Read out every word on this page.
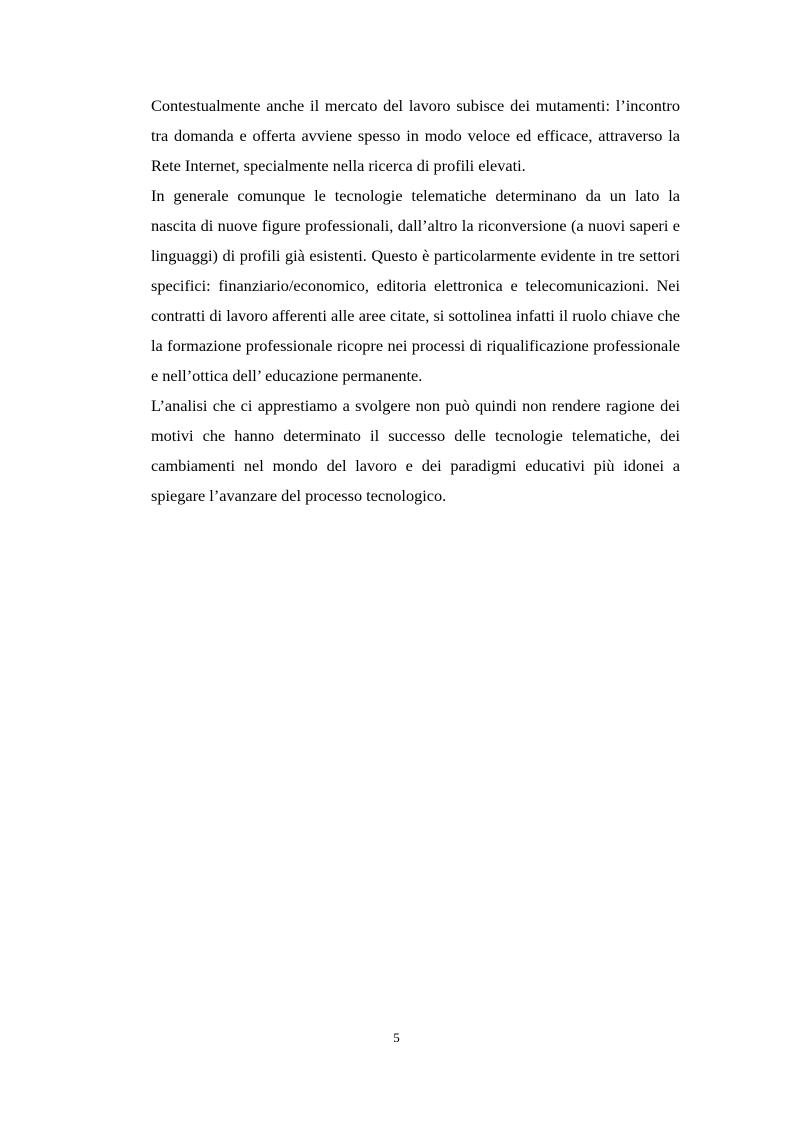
Contestualmente anche il mercato del lavoro subisce dei mutamenti: l’incontro tra domanda e offerta avviene spesso in modo veloce ed efficace, attraverso la Rete Internet, specialmente nella ricerca di profili elevati.

In generale comunque le tecnologie telematiche determinano da un lato la nascita di nuove figure professionali, dall’altro la riconversione (a nuovi saperi e linguaggi) di profili già esistenti. Questo è particolarmente evidente in tre settori specifici: finanziario/economico, editoria elettronica e telecomunicazioni. Nei contratti di lavoro afferenti alle aree citate, si sottolinea infatti il ruolo chiave che la formazione professionale ricopre nei processi di riqualificazione professionale e nell’ottica dell’ educazione permanente.

L’analisi che ci apprestiamo a svolgere non può quindi non rendere ragione dei motivi che hanno determinato il successo delle tecnologie telematiche, dei cambiamenti nel mondo del lavoro e dei paradigmi educativi più idonei a spiegare l’avanzare del processo tecnologico.

5
